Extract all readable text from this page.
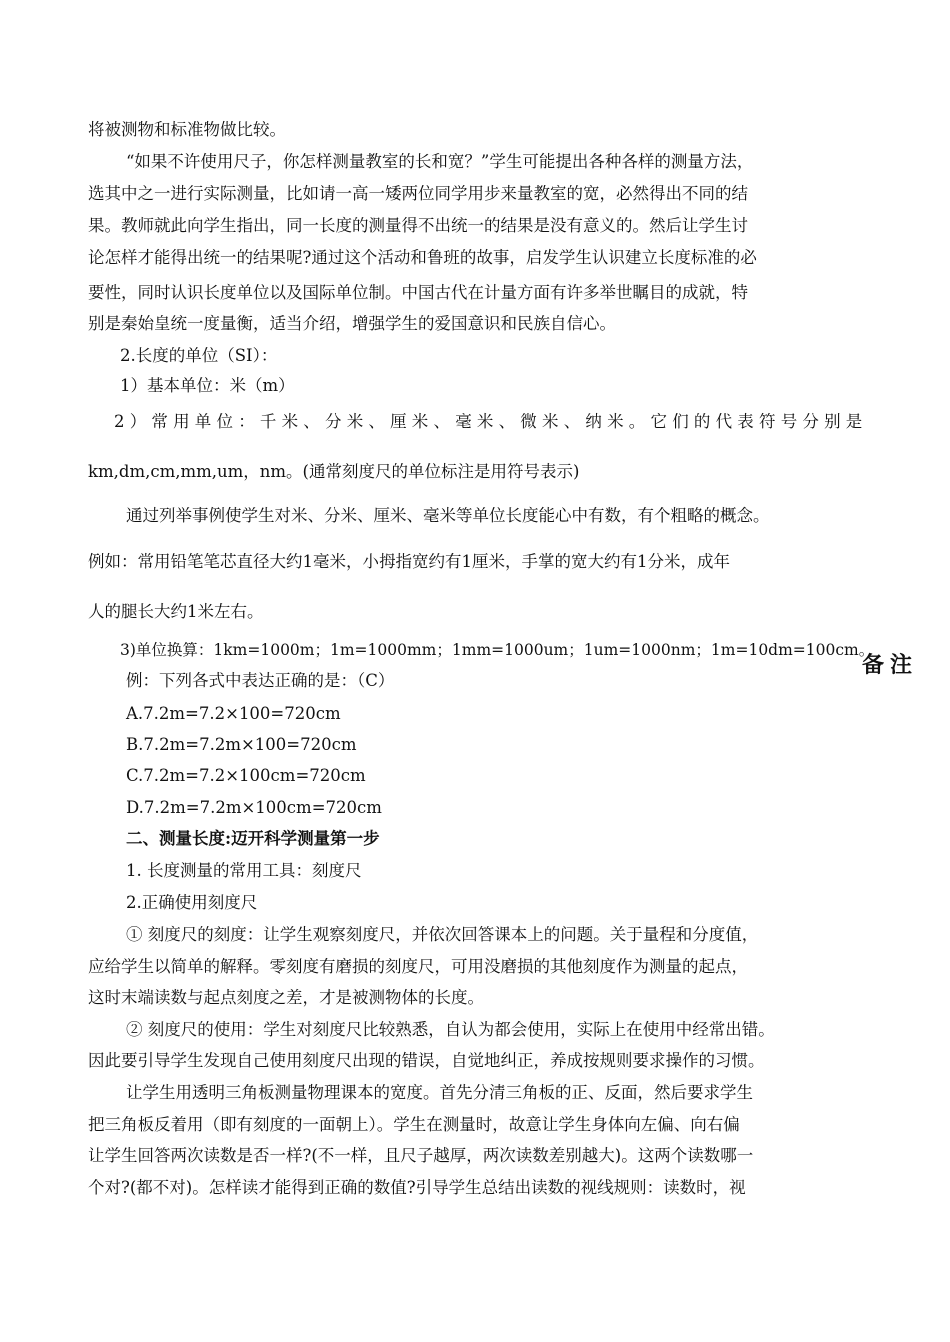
将被测物和标准物做比较。
“如果不许使用尺子，你怎样测量教室的长和宽？”学生可能提出各种各样的测量方法，
选其中之一进行实际测量，比如请一高一矮两位同学用步来量教室的宽，必然得出不同的结
果。教师就此向学生指出，同一长度的测量得不出统一的结果是没有意义的。然后让学生讨
论怎样才能得出统一的结果呢?通过这个活动和鲁班的故事，启发学生认识建立长度标准的必
要性，同时认识长度单位以及国际单位制。中国古代在计量方面有许多举世瞩目的成就，特
别是秦始皇统一度量衡，适当介绍，增强学生的爱国意识和民族自信心。
2.长度的单位（SI）：
1）基本单位：米（m）
2）常用单位：千米、分米、厘米、毫米、微米、纳米。它们的代表符号分别是
km,dm,cm,mm,um，nm。(通常刻度尺的单位标注是用符号表示)
通过列举事例使学生对米、分米、厘米、毫米等单位长度能心中有数，有个粗略的概念。
例如：常用铅笔笔芯直径大约1毫米，小拇指宽约有1厘米，手掌的宽大约有1分米，成年
人的腿长大约1米左右。
3)单位换算：1km=1000m；1m=1000mm；1mm=1000um；1um=1000nm；1m=10dm=100cm。
备注
例：下列各式中表达正确的是：（C）
A.7.2m=7.2×100=720cm
B.7.2m=7.2m×100=720cm
C.7.2m=7.2×100cm=720cm
D.7.2m=7.2m×100cm=720cm
二、测量长度:迈开科学测量第一步
1. 长度测量的常用工具：刻度尺
2.正确使用刻度尺
① 刻度尺的刻度：让学生观察刻度尺，并依次回答课本上的问题。关于量程和分度值，
应给学生以简单的解释。零刻度有磨损的刻度尺，可用没磨损的其他刻度作为测量的起点，
这时末端读数与起点刻度之差，才是被测物体的长度。
② 刻度尺的使用：学生对刻度尺比较熟悉，自认为都会使用，实际上在使用中经常出错。
因此要引导学生发现自己使用刻度尺出现的错误，自觉地纠正，养成按规则要求操作的习惯。
让学生用透明三角板测量物理课本的宽度。首先分清三角板的正、反面，然后要求学生
把三角板反着用（即有刻度的一面朝上）。学生在测量时，故意让学生身体向左偏、向右偏
让学生回答两次读数是否一样?(不一样，且尺子越厚，两次读数差别越大)。这两个读数哪一
个对?(都不对)。怎样读才能得到正确的数值?引导学生总结出读数的视线规则：读数时，视
